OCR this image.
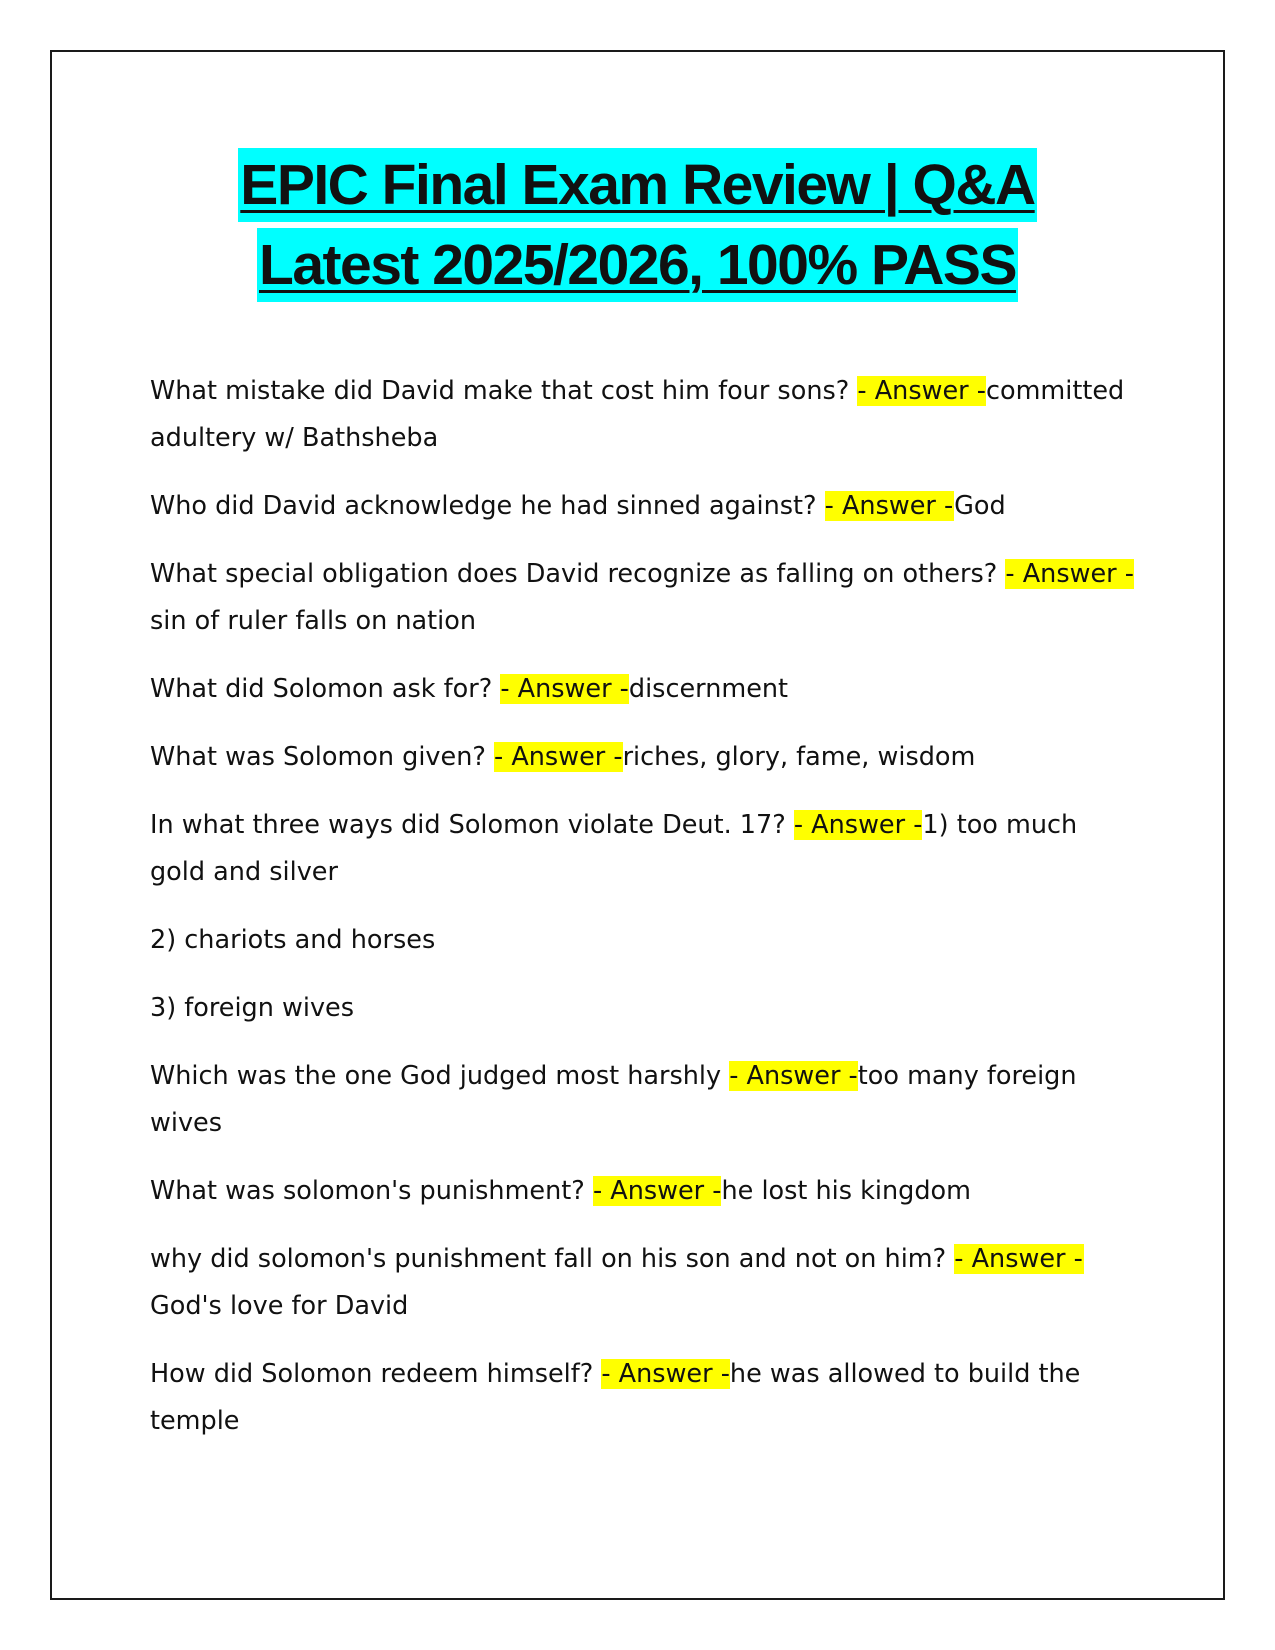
EPIC Final Exam Review | Q&A
Latest 2025/2026, 100% PASS
What mistake did David make that cost him four sons? - Answer -committed adultery w/ Bathsheba
Who did David acknowledge he had sinned against? - Answer -God
What special obligation does David recognize as falling on others? - Answer -sin of ruler falls on nation
What did Solomon ask for? - Answer -discernment
What was Solomon given? - Answer -riches, glory, fame, wisdom
In what three ways did Solomon violate Deut. 17? - Answer -1) too much gold and silver
2) chariots and horses
3) foreign wives
Which was the one God judged most harshly - Answer -too many foreign wives
What was solomon's punishment? - Answer -he lost his kingdom
why did solomon's punishment fall on his son and not on him? - Answer -God's love for David
How did Solomon redeem himself? - Answer -he was allowed to build the temple
